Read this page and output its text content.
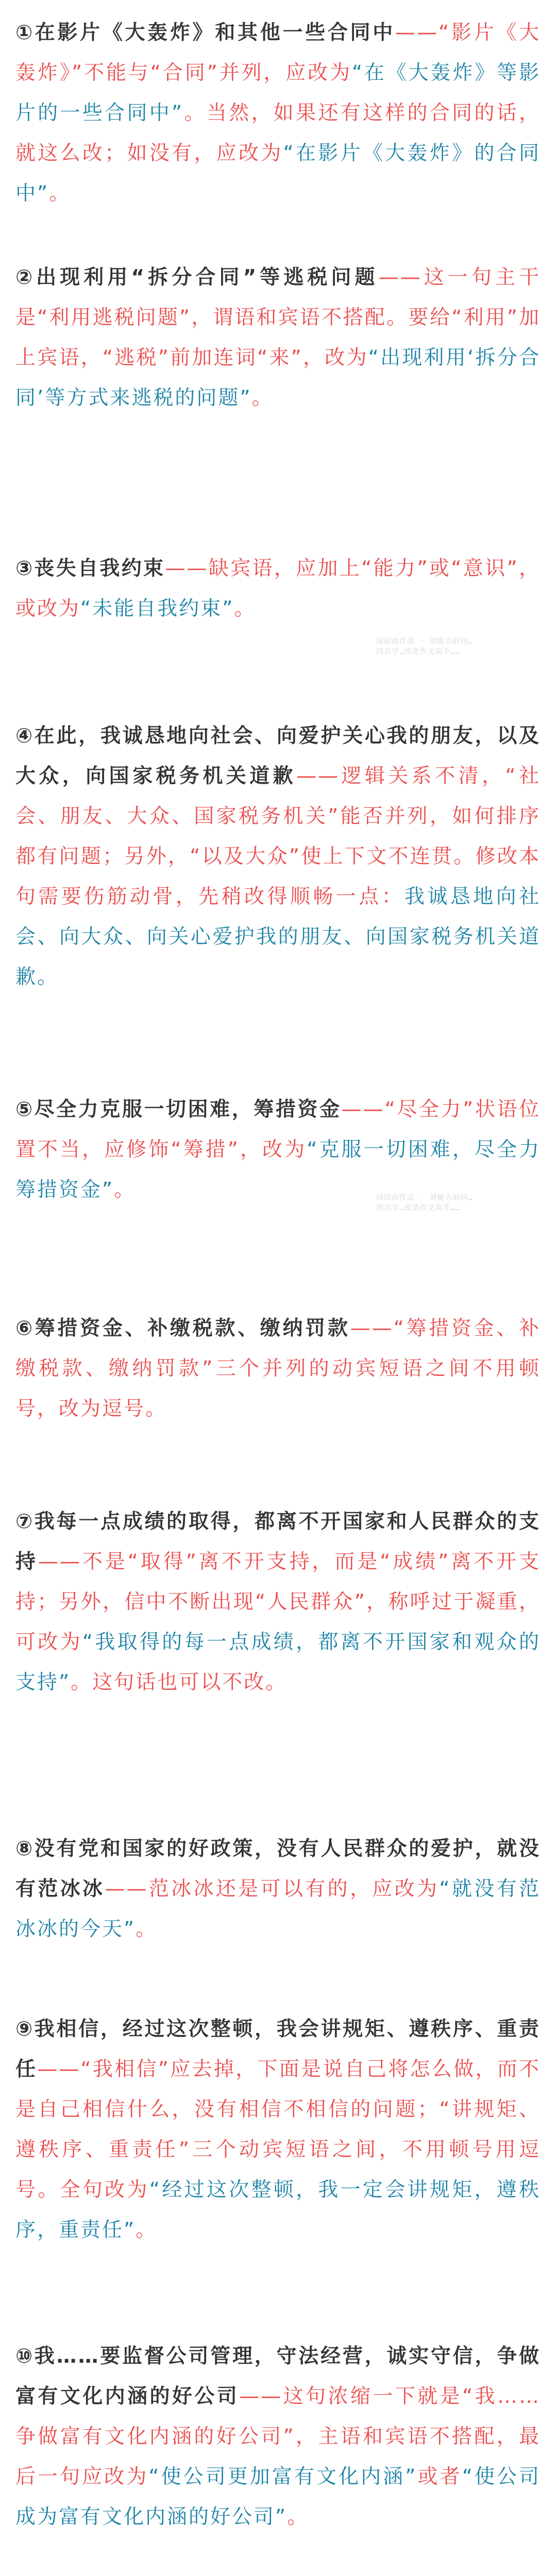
①在影片《大轰炸》和其他一些合同中——“影片《大轰炸》”不能与“合同”并列，应改为“在《大轰炸》等影片的一些合同中”。当然，如果还有这样的合同的话，就这么改；如没有，应改为“在影片《大轰炸》的合同中”。

②出现利用“拆分合同”等逃税问题——这一句主干是“利用逃税问题”，谓语和宾语不搭配。要给“利用”加上宾语，“逃税”前加连词“来”，改为“出现利用‘拆分合同’等方式来逃税的问题”。

③丧失自我约束——缺宾语，应加上“能力”或“意识”，或改为“未能自我约束”。

④在此，我诚恳地向社会、向爱护关心我的朋友，以及大众，向国家税务机关道歉——逻辑关系不清，“社会、朋友、大众、国家税务机关”能否并列，如何排序都有问题；另外，“以及大众”使上下文不连贯。修改本句需要伤筋动骨，先稍改得顺畅一点：我诚恳地向社会、向大众、向关心爱护我的朋友、向国家税务机关道歉。

⑤尽全力克服一切困难，筹措资金——“尽全力”状语位置不当，应修饰“筹措”，改为“克服一切困难，尽全力筹措资金”。

⑥筹措资金、补缴税款、缴纳罚款——“筹措资金、补缴税款、缴纳罚款”三个并列的动宾短语之间不用顿号，改为逗号。

⑦我每一点成绩的取得，都离不开国家和人民群众的支持——不是“取得”离不开支持，而是“成绩”离不开支持；另外，信中不断出现“人民群众”，称呼过于凝重，可改为“我取得的每一点成绩，都离不开国家和观众的支持”。这句话也可以不改。

⑧没有党和国家的好政策，没有人民群众的爱护，就没有范冰冰——范冰冰还是可以有的，应改为“就没有范冰冰的今天”。

⑨我相信，经过这次整顿，我会讲规矩、遵秩序、重责任——“我相信”应去掉，下面是说自己将怎么做，而不是自己相信什么，没有相信不相信的问题；“讲规矩、遵秩序、重责任”三个动宾短语之间，不用顿号用逗号。全句改为“经过这次整顿，我一定会讲规矩，遵秩序，重责任”。

⑩我……要监督公司管理，守法经营，诚实守信，争做富有文化内涵的好公司——这句浓缩一下就是“我……争做富有文化内涵的好公司”，主语和宾语不搭配，最后一句应改为“使公司更加富有文化内涵”或者“使公司成为富有文化内涵的好公司”。

国田由作品 · 刘能力的同…
四百字…改造作文高手……
国田由作品 · 刘能力的同…
四百字…改造作文高手……
